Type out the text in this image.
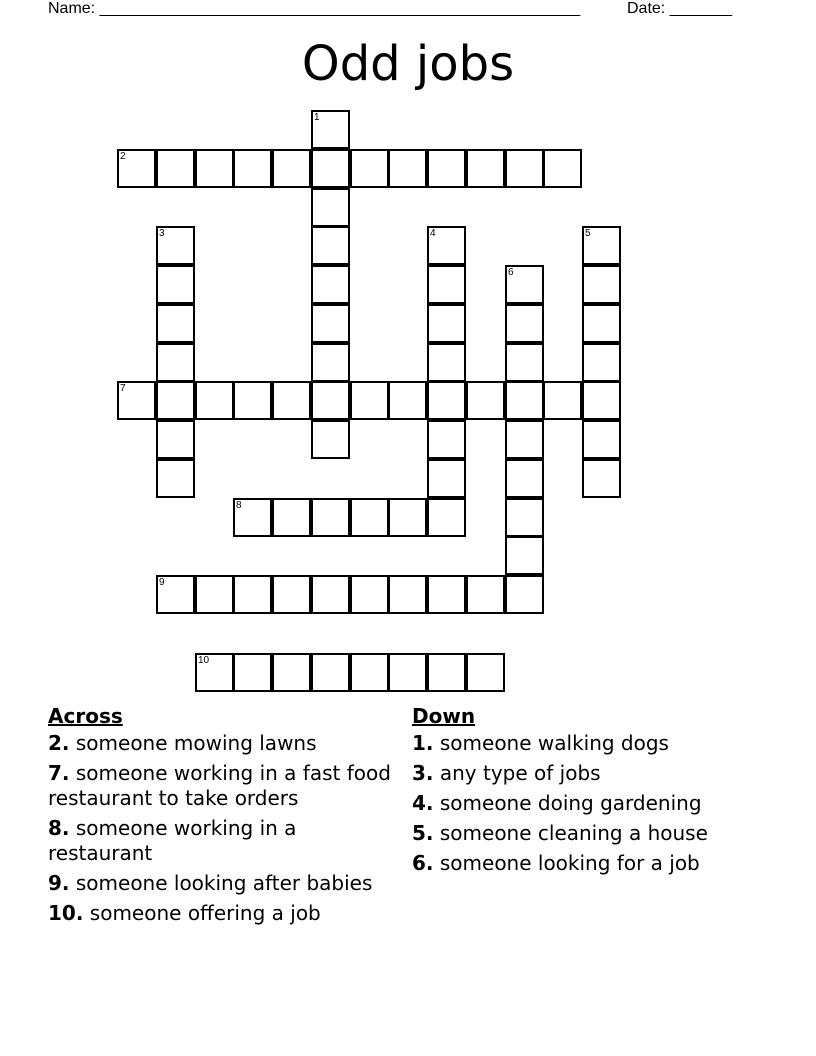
Name: ______________________________________________________	Date: _______
Odd jobs
1
2
3	4	5
6
7
8
9
10
Across
2. someone mowing lawns
7. someone working in a fast food restaurant to take orders
8. someone working in a restaurant
9. someone looking after babies
10. someone offering a job
Down
1. someone walking dogs
3. any type of jobs
4. someone doing gardening
5. someone cleaning a house
6. someone looking for a job
